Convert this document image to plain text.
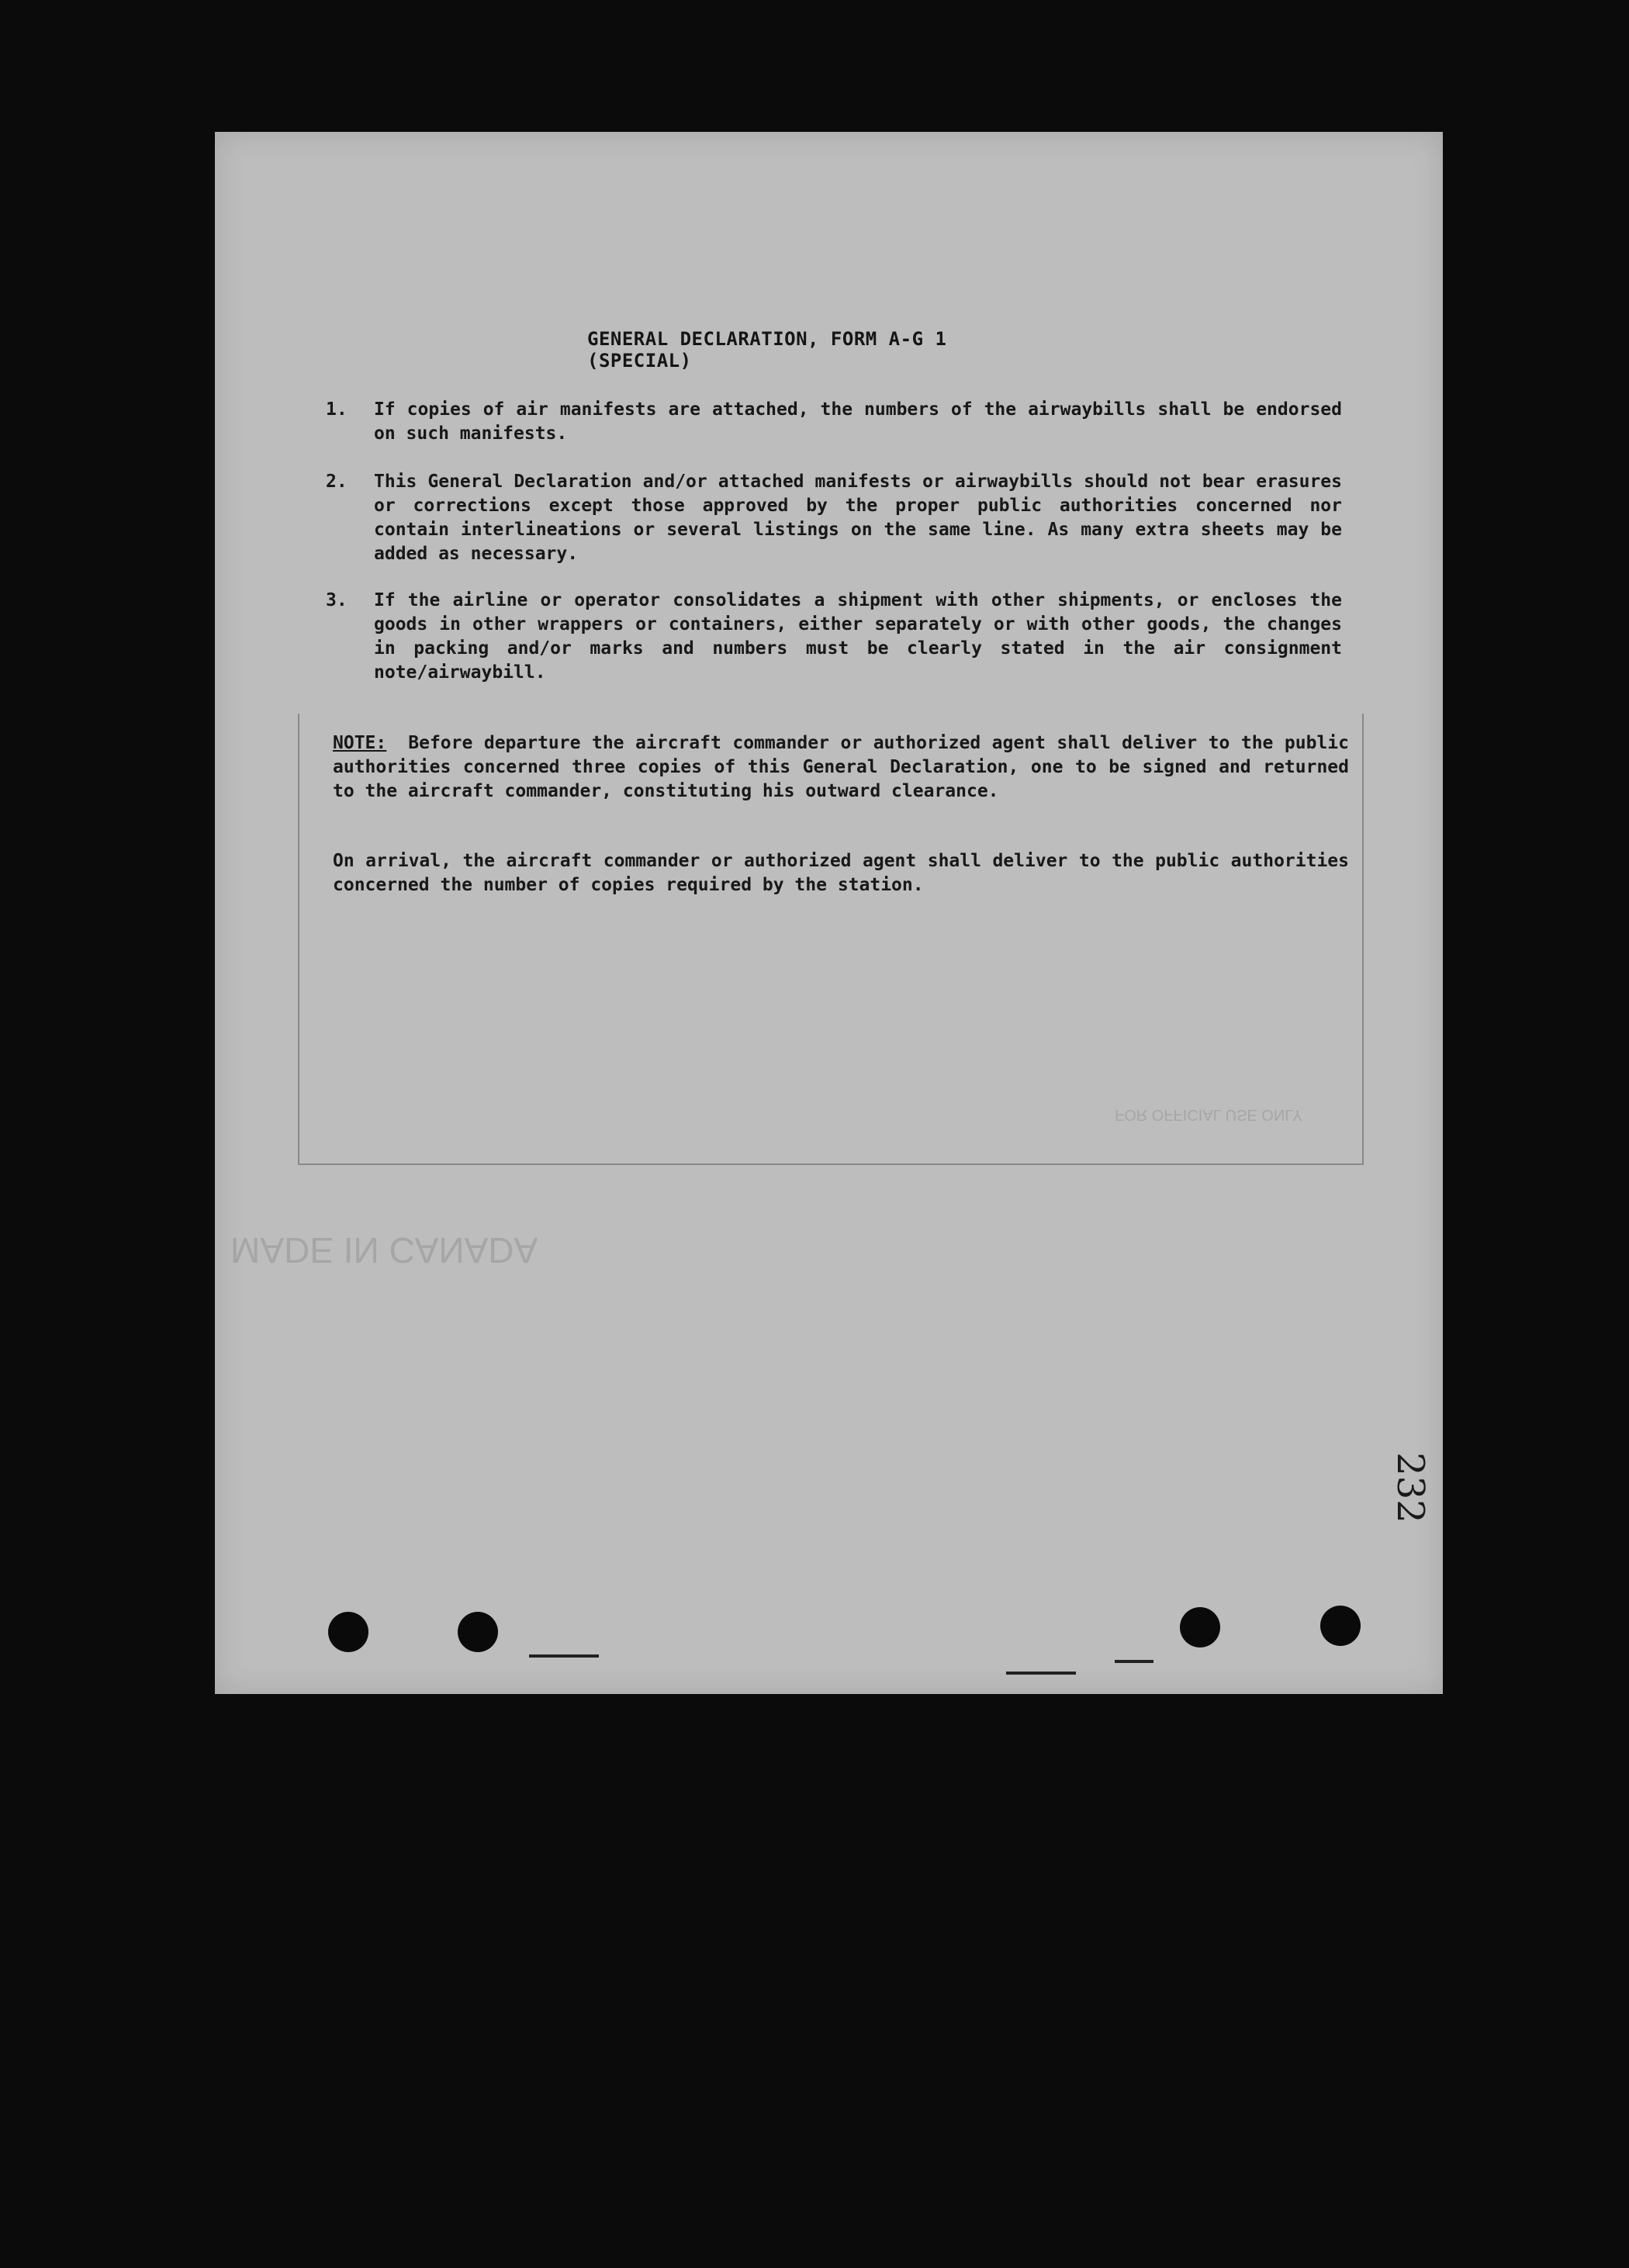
MADE IN CANADA
FOR OFFICIAL USE ONLY
GENERAL DECLARATION, FORM A-G 1 (SPECIAL)
1.	If copies of air manifests are attached, the numbers of the airwaybills shall be endorsed on such manifests.
2.	This General Declaration and/or attached manifests or airwaybills should not bear erasures or corrections except those approved by the proper public authorities concerned nor contain interlineations or several listings on the same line. As many extra sheets may be added as necessary.
3.	If the airline or operator consolidates a shipment with other shipments, or encloses the goods in other wrappers or containers, either separately or with other goods, the changes in packing and/or marks and numbers must be clearly stated in the air consignment note/airwaybill.
NOTE: Before departure the aircraft commander or authorized agent shall deliver to the public authorities concerned three copies of this General Declaration, one to be signed and returned to the aircraft commander, constituting his outward clearance.
On arrival, the aircraft commander or authorized agent shall deliver to the public authorities concerned the number of copies required by the station.
232
